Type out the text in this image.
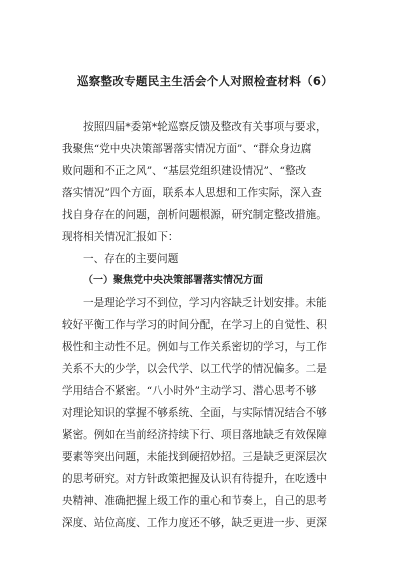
巡察整改专题民主生活会个人对照检查材料（6）
按照四届*委第*轮巡察反馈及整改有关事项与要求，
我聚焦“党中央决策部署落实情况方面”、“群众身边腐
败问题和不正之风”、“基层党组织建设情况”、“整改
落实情况”四个方面，联系本人思想和工作实际，深入查
找自身存在的问题，剖析问题根源，研究制定整改措施。
现将相关情况汇报如下：
一、存在的主要问题
（一）聚焦党中央决策部署落实情况方面
一是理论学习不到位，学习内容缺乏计划安排。未能
较好平衡工作与学习的时间分配，在学习上的自觉性、积
极性和主动性不足。例如与工作关系密切的学习，与工作
关系不大的少学，以会代学、以工代学的情况偏多。二是
学用结合不紧密。“八小时外”主动学习、潜心思考不够
对理论知识的掌握不够系统、全面，与实际情况结合不够
紧密。例如在当前经济持续下行、项目落地缺乏有效保障
要素等突出问题，未能找到硬招妙招。三是缺乏更深层次
的思考研究。对方针政策把握及认识有待提升，在吃透中
央精神、准确把握上级工作的重心和节奏上，自己的思考
深度、站位高度、工作力度还不够，缺乏更进一步、更深
